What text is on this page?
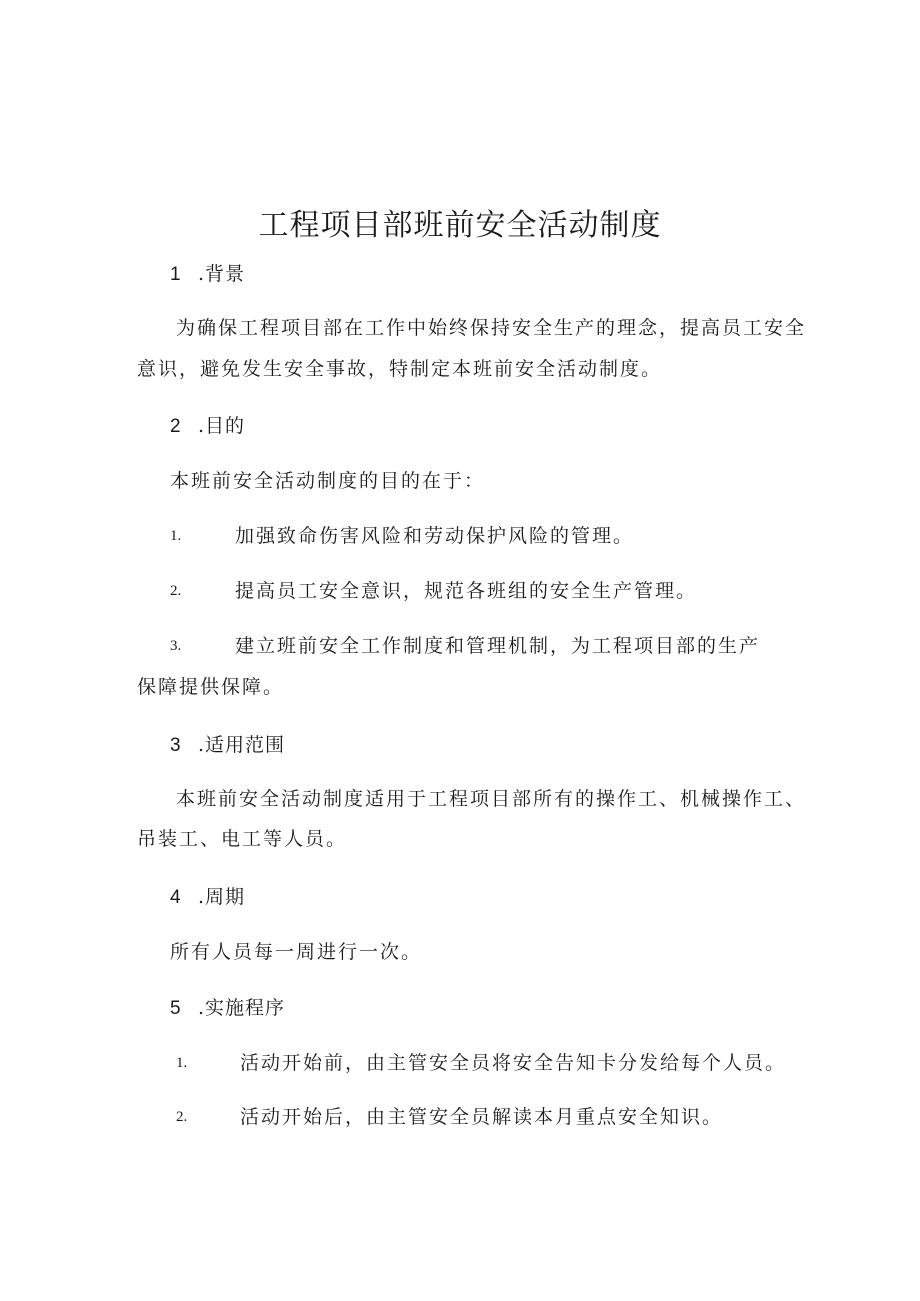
工程项目部班前安全活动制度
1 .背景
为确保工程项目部在工作中始终保持安全生产的理念，提高员工安全
意识，避免发生安全事故，特制定本班前安全活动制度。
2 .目的
本班前安全活动制度的目的在于：
1.	加强致命伤害风险和劳动保护风险的管理。
2.	提高员工安全意识，规范各班组的安全生产管理。
3.	建立班前安全工作制度和管理机制，为工程项目部的生产
保障提供保障。
3 .适用范围
本班前安全活动制度适用于工程项目部所有的操作工、机械操作工、
吊装工、电工等人员。
4 .周期
所有人员每一周进行一次。
5 .实施程序
1.	活动开始前，由主管安全员将安全告知卡分发给每个人员。
2.	活动开始后，由主管安全员解读本月重点安全知识。
